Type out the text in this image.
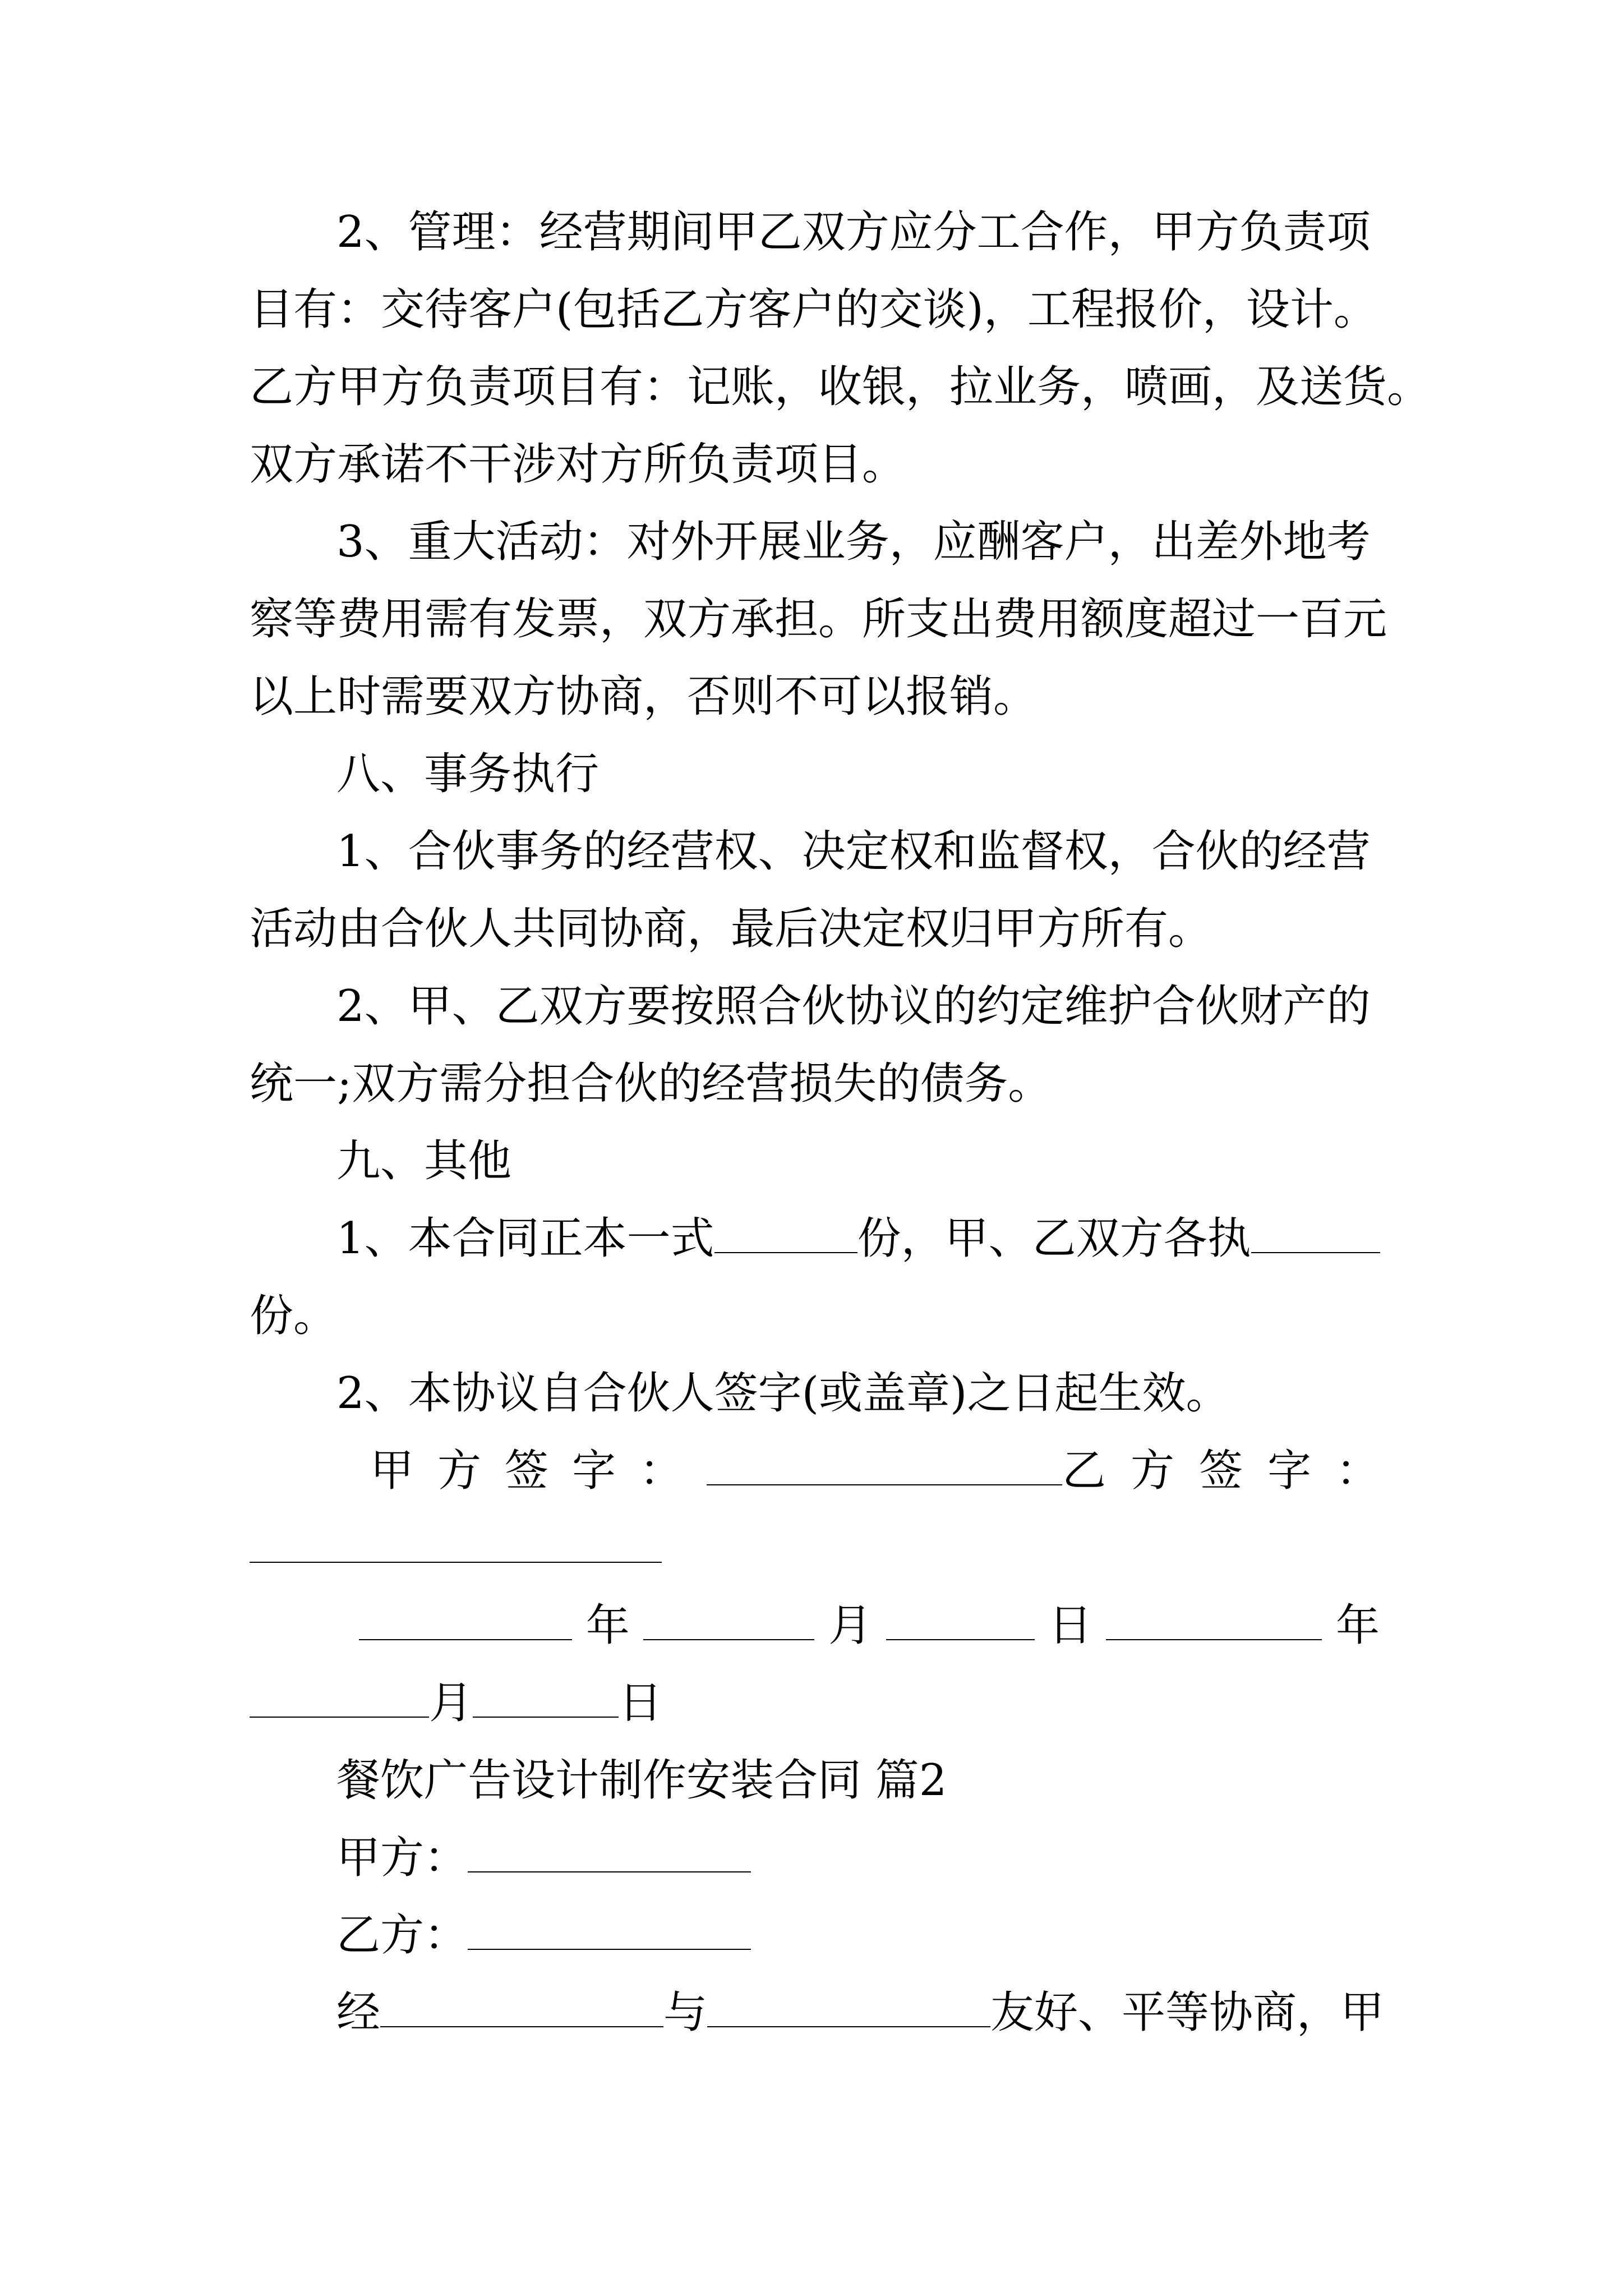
2、管理：经营期间甲乙双方应分工合作，甲方负责项
目有：交待客户(包括乙方客户的交谈)，工程报价，设计。
乙方甲方负责项目有：记账，收银，拉业务，喷画，及送货。
双方承诺不干涉对方所负责项目。
3、重大活动：对外开展业务，应酬客户，出差外地考
察等费用需有发票，双方承担。所支出费用额度超过一百元
以上时需要双方协商，否则不可以报销。
八、事务执行
1、合伙事务的经营权、决定权和监督权，合伙的经营
活动由合伙人共同协商，最后决定权归甲方所有。
2、甲、乙双方要按照合伙协议的约定维护合伙财产的
统一;双方需分担合伙的经营损失的债务。
九、其他
1、本合同正本一式	份，甲、乙双方各执
份。
2、本协议自合伙人签字(或盖章)之日起生效。
甲方签字：	乙方签字：
年	月	日	年
月	日
餐饮广告设计制作安装合同 篇2
甲方：
乙方：
经	与	友好、平等协商，甲
